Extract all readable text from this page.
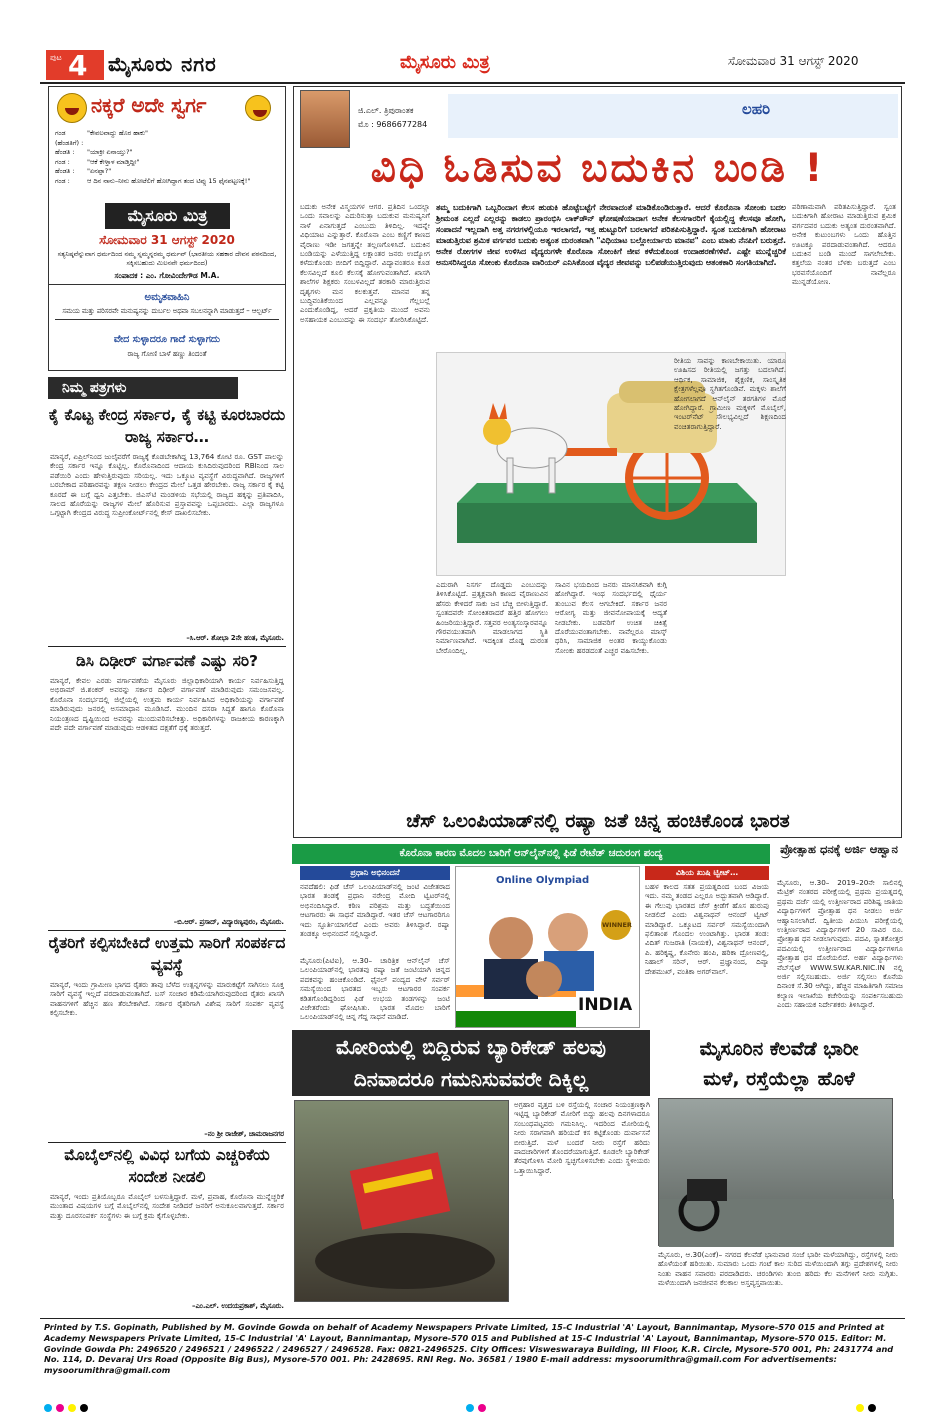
ಪುಟ 4 ಮೈಸೂರು ನಗರ	ಮೈಸೂರು ಮಿತ್ರ	ಸೋಮವಾರ 31 ಆಗಸ್ಟ್ 2020
ನಕ್ಕರೆ ಅದೇ ಸ್ವರ್ಗ
ಗಂಡ (ಹೆಂಡತಿಗೆ) :
"ಕೇವಲವಾದ್ದು ಹೊರ ಹಾಕು"
ಹೆಂಡತಿ :	"ಯಾಕ್ರೀ ಏನಾಯ್ತು?"
ಗಂಡ :	"ಆಕೆ ಕೇಳ್ತಾಳ ಮಾಡ್ತಿದ್ದೀ"
ಹೆಂಡತಿ :	"ಏನಪ್ಪಾ?"
ಗಂಡ :	ಆ ದಿನ ನಾನು–ನೀನು ಹೋಟೆಲಿಗೆ ಹೋಗಿದ್ದಾಗ ತಂದ ಟಿಪ್ಸು 15 ಫೈನಪಟ್ಟಣಕ್ಕೆ!"
ಮೈಸೂರು ಮಿತ್ರ
ಸೋಮವಾರ 31 ಆಗಸ್ಟ್ 2020
ಸತ್ಯನಿಷ್ಠವೆನ್ನುವಾಗ ಧರ್ಮದಿಂದ ನಮ್ಮ ಸ್ನಮ್ಮನ್ನರಮ್ಮ ಧರ್ಮವ್ (ಭಾರತೀಯ ಸಹಕಾರ ದೇವನ ಪಠನದಿಂದ, ಸಕ್ಕಿಸಬಹುದು ಮಿಲನವೇ ಧರ್ಮದಿಂದ)
ಸಂಪಾದಕ : ಎಂ. ಗೋವಿಂದೇಗೌಡ M.A.
ಅಮೃತವಾಹಿನಿ
ಸಮಯ ಮತ್ತು ಪರಿಸರವೇ ಮನುಷ್ಯನನ್ನು ದುರ್ಬಲ ಅಥವಾ ಸಬಲನನ್ನಾಗಿ ಮಾಡುತ್ತದೆ – ಆಲ್ಬರ್ಟ್
ವೇದ ಸುಳ್ಳಾದರೂ ಗಾದೆ ಸುಳ್ಳಾಗದು
ರಾಜ್ಯ ಗೋಣಿ ಬಾಳೆ ಹಣ್ಣು ತಿಂದಂತೆ
ನಿಮ್ಮ ಪತ್ರಗಳು
ಕೈ ಕೊಟ್ಟ ಕೇಂದ್ರ ಸರ್ಕಾರ, ಕೈ ಕಟ್ಟಿ ಕೂರಬಾರದು ರಾಜ್ಯ ಸರ್ಕಾರ…
ಮಾನ್ಯರೆ, ಏಪ್ರಿಲ್‌ನಿಂದ ಜುಲೈವರೆಗೆ ರಾಜ್ಯಕ್ಕೆ ಕೊಡಬೇಕಾಗಿದ್ದ 13,764 ಕೋಟಿ ರೂ. GST ಪಾಲನ್ನು ಕೇಂದ್ರ ಸರ್ಕಾರ ಇನ್ನೂ ಕೊಟ್ಟಿಲ್ಲ. ಕೊರೊನಾದಿಂದ ಆದಾಯ ಕುಸಿದಿರುವುದರಿಂದ RBIನಿಂದ ಸಾಲ ಪಡೆಯಿರಿ ಎಂದು ಹೇಳುತ್ತಿರುವುದು ಸರಿಯಲ್ಲ. ಇದು ಒಕ್ಕೂಟ ವ್ಯವಸ್ಥೆಗೆ ವಿರುದ್ಧವಾಗಿದೆ. ರಾಜ್ಯಗಳಿಗೆ ಬರಬೇಕಾದ ಪರಿಹಾರವನ್ನು ತಕ್ಷಣ ನೀಡಲು ಕೇಂದ್ರದ ಮೇಲೆ ಒತ್ತಡ ಹೇರಬೇಕು. ರಾಜ್ಯ ಸರ್ಕಾರ ಕೈ ಕಟ್ಟಿ ಕೂರದೆ ಈ ಬಗ್ಗೆ ಧ್ವನಿ ಎತ್ತಬೇಕು. ಜಿಎಸ್‌ಟಿ ಮಂಡಳಿಯ ಸಭೆಯಲ್ಲಿ ರಾಜ್ಯದ ಹಕ್ಕನ್ನು ಪ್ರತಿಪಾದಿಸಿ, ಸಾಲದ ಹೊರೆಯನ್ನು ರಾಜ್ಯಗಳ ಮೇಲೆ ಹೊರಿಸುವ ಪ್ರಸ್ತಾವವನ್ನು ಒಪ್ಪಬಾರದು. ಎಲ್ಲಾ ರಾಜ್ಯಗಳೂ ಒಗ್ಗಟ್ಟಾಗಿ ಕೇಂದ್ರದ ವಿರುದ್ಧ ಸುಪ್ರೀಂಕೋರ್ಟ್‌ನಲ್ಲಿ ಕೇಸ್ ದಾಖಲಿಸಬೇಕು.
–ಸಿ.ಆರ್. ಶೋಭಾ 2ನೇ ಹಂತ, ಮೈಸೂರು.
ಡಿಸಿ ದಿಢೀರ್ ವರ್ಗಾವಣೆ ಎಷ್ಟು ಸರಿ?
ಮಾನ್ಯರೆ, ಕೇವಲ ಎರಡು ವರ್ಗಾವಣೆಯ ಮೈಸೂರು ಜಿಲ್ಲಾಧಿಕಾರಿಯಾಗಿ ಕಾರ್ಯ ನಿರ್ವಹಿಸುತ್ತಿದ್ದ ಅಭಿರಾಮ್ ಜಿ.ಶಂಕರ್ ಅವರನ್ನು ಸರ್ಕಾರ ದಿಢೀರ್ ವರ್ಗಾವಣೆ ಮಾಡಿರುವುದು ಸಮಂಜಸವಲ್ಲ. ಕೊರೊನಾ ಸಂದರ್ಭದಲ್ಲಿ ಜಿಲ್ಲೆಯಲ್ಲಿ ಉತ್ತಮ ಕಾರ್ಯ ನಿರ್ವಹಿಸಿದ ಅಧಿಕಾರಿಯನ್ನು ವರ್ಗಾವಣೆ ಮಾಡಿರುವುದು ಜನರಲ್ಲಿ ಅಸಮಾಧಾನ ಮೂಡಿಸಿದೆ. ಮುಂದಿನ ದಸರಾ ಸಿದ್ಧತೆ ಹಾಗೂ ಕೊರೊನಾ ನಿಯಂತ್ರಣದ ದೃಷ್ಟಿಯಿಂದ ಅವರನ್ನು ಮುಂದುವರಿಸಬೇಕಿತ್ತು. ಅಧಿಕಾರಿಗಳನ್ನು ರಾಜಕೀಯ ಕಾರಣಕ್ಕಾಗಿ ಪದೇ ಪದೇ ವರ್ಗಾವಣೆ ಮಾಡುವುದು ಆಡಳಿತದ ದಕ್ಷತೆಗೆ ಧಕ್ಕೆ ತರುತ್ತದೆ.
–ಬಿ.ಆರ್. ಪ್ರಸಾದ್, ವಿದ್ಯಾರಣ್ಯಪುರಂ, ಮೈಸೂರು.
ರೈತರಿಗೆ ಕಲ್ಪಿಸಬೇಕಿದೆ ಉತ್ತಮ ಸಾರಿಗೆ ಸಂಪರ್ಕದ ವ್ಯವಸ್ಥೆ
ಮಾನ್ಯರೆ, ಇಂದು ಗ್ರಾಮೀಣ ಭಾಗದ ರೈತರು ತಾವು ಬೆಳೆದ ಉತ್ಪನ್ನಗಳನ್ನು ಮಾರುಕಟ್ಟೆಗೆ ಸಾಗಿಸಲು ಸೂಕ್ತ ಸಾರಿಗೆ ವ್ಯವಸ್ಥೆ ಇಲ್ಲದೆ ಪರದಾಡುವಂತಾಗಿದೆ. ಬಸ್ ಸಂಚಾರ ಕಡಿಮೆಯಾಗಿರುವುದರಿಂದ ರೈತರು ಖಾಸಗಿ ವಾಹನಗಳಿಗೆ ಹೆಚ್ಚಿನ ಹಣ ತೆರಬೇಕಾಗಿದೆ. ಸರ್ಕಾರ ರೈತರಿಗಾಗಿ ವಿಶೇಷ ಸಾರಿಗೆ ಸಂಪರ್ಕ ವ್ಯವಸ್ಥೆ ಕಲ್ಪಿಸಬೇಕು.
–ನಂ ಶ್ರೀ ರಾಜೇಶ್, ಚಾಮರಾಜನಗರ
ಮೊಬೈಲ್‌ನಲ್ಲಿ ವಿವಿಧ ಬಗೆಯ ಎಚ್ಚರಿಕೆಯ ಸಂದೇಶ ನೀಡಲಿ
ಮಾನ್ಯರೆ, ಇಂದು ಪ್ರತಿಯೊಬ್ಬರೂ ಮೊಬೈಲ್ ಬಳಸುತ್ತಿದ್ದಾರೆ. ಮಳೆ, ಪ್ರವಾಹ, ಕೊರೊನಾ ಮುನ್ನೆಚ್ಚರಿಕೆ ಮುಂತಾದ ವಿಷಯಗಳ ಬಗ್ಗೆ ಮೊಬೈಲ್‌ನಲ್ಲಿ ಸಂದೇಶ ನೀಡಿದರೆ ಜನರಿಗೆ ಅನುಕೂಲವಾಗುತ್ತದೆ. ಸರ್ಕಾರ ಮತ್ತು ದೂರಸಂಪರ್ಕ ಸಂಸ್ಥೆಗಳು ಈ ಬಗ್ಗೆ ಕ್ರಮ ಕೈಗೊಳ್ಳಬೇಕು.
–ಎಂ.ಎಲ್. ಉದಯಪ್ರಕಾಶ್, ಮೈಸೂರು.
ಜಿ.ಎಲ್. ತ್ರಿಪುರಾಂತಕ
ಮೊ : 9686677284
ಲಹರಿ
ವಿಧಿ ಓಡಿಸುವ ಬದುಕಿನ ಬಂಡಿ !
ಬದುಕು ಅನೇಕ ವಿಸ್ಮಯಗಳ ಆಗರ. ಪ್ರತಿದಿನ ಒಂದಲ್ಲಾ ಒಂದು ಸವಾಲನ್ನು ಎದುರಿಸುತ್ತಾ ಬದುಕುವ ಮನುಷ್ಯನಿಗೆ ನಾಳೆ ಏನಾಗುತ್ತದೆ ಎಂಬುದು ತಿಳಿದಿಲ್ಲ. ಇದನ್ನೇ ವಿಧಿಯಾಟ ಎನ್ನುತ್ತಾರೆ. ಕೊರೊನಾ ಎಂಬ ಕಣ್ಣಿಗೆ ಕಾಣದ ವೈರಾಣು ಇಡೀ ಜಗತ್ತನ್ನೇ ತಲ್ಲಣಗೊಳಿಸಿದೆ. ಬದುಕಿನ ಬಂಡಿಯನ್ನು ಎಳೆಯುತ್ತಿದ್ದ ಲಕ್ಷಾಂತರ ಜನರು ಉದ್ಯೋಗ ಕಳೆದುಕೊಂಡು ಬೀದಿಗೆ ಬಿದ್ದಿದ್ದಾರೆ. ವಿದ್ಯಾವಂತರೂ ಕೂಡ ಕೆಲಸವಿಲ್ಲದೆ ಕೂಲಿ ಕೆಲಸಕ್ಕೆ ಹೋಗುವಂತಾಗಿದೆ. ಖಾಸಗಿ ಶಾಲೆಗಳ ಶಿಕ್ಷಕರು ಸಂಬಳವಿಲ್ಲದೆ ತರಕಾರಿ ಮಾರುತ್ತಿರುವ ದೃಶ್ಯಗಳು ಮನ ಕಲಕುತ್ತವೆ. ಮಾನವ ತನ್ನ ಬುದ್ಧಿವಂತಿಕೆಯಿಂದ ಎಲ್ಲವನ್ನೂ ಗೆಲ್ಲಬಲ್ಲೆ ಎಂದುಕೊಂಡಿದ್ದ, ಆದರೆ ಪ್ರಕೃತಿಯ ಮುಂದೆ ಅವನು ಅಸಹಾಯಕ ಎಂಬುದನ್ನು ಈ ಸಂದರ್ಭ ತೋರಿಸಿಕೊಟ್ಟಿದೆ.
ತಮ್ಮ ಬದುಕಿಗಾಗಿ ಒಬ್ಬರಿಂದಾಗ ಕೆಲಸ ಹುಡುಕಿ ಹೊಟ್ಟೆಬಟ್ಟೆಗೆ ನೇರವಾದಂತೆ ಮಾಡಿಕೊಂಡಿರುತ್ತಾರೆ. ಆದರೆ ಕೊರೊನಾ ಸೋಂಕು ಬದಲ ಶ್ರೀಮಂತ ಎಲ್ಲದೆ ಎಲ್ಲರನ್ನು ಕಾಡಲು ಪ್ರಾರಂಭಿಸಿ ಲಾಕ್‌ಡೌನ್ ಘೋಷಣೆಯಾದಾಗ ಅನೇಕ ಕೆಲಸಗಾರರಿಗೆ ಕೈಯಲ್ಲಿದ್ದ ಕೆಲಸವೂ ಹೋಗಿ, ಸಂಪಾದನೆ ಇಲ್ಲದಾಗಿ ಅತ್ತ ನಗರಗಳಲ್ಲಿಯೂ ಇರಲಾಗದೆ, ಇತ್ತ ಹುಟ್ಟೂರಿಗೆ ಬರಲಾಗದೆ ಪರಿತಪಿಸುತ್ತಿದ್ದಾರೆ. ಸ್ವಂತ ಬದುಕಿಗಾಗಿ ಹೋರಾಟ ಮಾಡುತ್ತಿರುವ ಶ್ರಮಿಕ ವರ್ಗವರ ಬದುಕು ಅತ್ಯಂತ ದುರಂತವಾಗಿ "ವಿಧಿಯಾಟ ಬಲ್ಲೋರ್ಯಾರು ಮಾನವ" ಎಂಬ ಮಾತು ನೆನಪಿಗೆ ಬರುತ್ತದೆ. ಅನೇಕ ರೋಗಗಳ ಜೀವ ಉಳಿಸಿದ ವೈದ್ಯರುಗಳೇ ಕೊರೊನಾ ಸೋಂಕಿಗೆ ಜೀವ ಕಳೆದುಕೊಂಡ ಉದಾಹರಣೆಗಳಿವೆ. ಎಷ್ಟೇ ಮುನ್ನೆಚ್ಚರಿಕೆ ಅನುಸರಿಸಿದ್ದರೂ ಸೋಂಕು ಕೊರೊನಾ ವಾರಿಯರ್ ಎನಿಸಿಕೊಂಡ ವೈದ್ಯರ ಜೀವವನ್ನು ಬಲಿಪಡೆಯುತ್ತಿರುವುದು ಆತಂಕಕಾರಿ ಸಂಗತಿಯಾಗಿದೆ.
ಎದುರಾಗಿ ನಿಸರ್ಗ ದೊಡ್ಡದು ಎಂಬುದನ್ನು ತಿಳಿಸಿಕೊಟ್ಟಿದೆ. ಪ್ರತ್ಯಕ್ಷವಾಗಿ ಕಾಣದ ವೈರಾಣುವಿನ ಹೆಸರು ಕೇಳಿದರೆ ಸಾಕು ಜನ ಬೆಚ್ಚಿ ಬೀಳುತ್ತಿದ್ದಾರೆ. ಸ್ವಂತದವರೇ ಸೋಂಕಿತರಾದರೆ ಹತ್ತಿರ ಹೋಗಲು ಹಿಂಜರಿಯುತ್ತಿದ್ದಾರೆ. ಸತ್ತವರ ಅಂತ್ಯಸಂಸ್ಕಾರವನ್ನೂ ಗೌರವಯುತವಾಗಿ ಮಾಡಲಾಗದ ಸ್ಥಿತಿ ನಿರ್ಮಾಣವಾಗಿದೆ. ಇದಕ್ಕಿಂತ ದೊಡ್ಡ ದುರಂತ ಬೇರೊಂದಿಲ್ಲ.
ಸಾವಿನ ಭಯದಿಂದ ಜನರು ಮಾನಸಿಕವಾಗಿ ಕುಗ್ಗಿ ಹೋಗಿದ್ದಾರೆ. ಇಂಥ ಸಂದರ್ಭದಲ್ಲಿ ಧೈರ್ಯ ತುಂಬುವ ಕೆಲಸ ಆಗಬೇಕಿದೆ. ಸರ್ಕಾರ ಜನರ ಆರೋಗ್ಯ ಮತ್ತು ಜೀವನೋಪಾಯಕ್ಕೆ ಆದ್ಯತೆ ನೀಡಬೇಕು. ಬಡವರಿಗೆ ಉಚಿತ ಚಿಕಿತ್ಸೆ ದೊರೆಯುವಂತಾಗಬೇಕು. ನಾವೆಲ್ಲರೂ ಮಾಸ್ಕ್ ಧರಿಸಿ, ಸಾಮಾಜಿಕ ಅಂತರ ಕಾಯ್ದುಕೊಂಡು ಸೋಂಕು ಹರಡದಂತೆ ಎಚ್ಚರ ವಹಿಸಬೇಕು.
ರೀತಿಯ ಸಾವನ್ನು ಕಾಣಬೇಕಾಯಿತು. ಯಾರೂ ಊಹಿಸದ ರೀತಿಯಲ್ಲಿ ಜಗತ್ತು ಬದಲಾಗಿದೆ. ಆರ್ಥಿಕ, ಸಾಮಾಜಿಕ, ಶೈಕ್ಷಣಿಕ, ಸಾಂಸ್ಕೃತಿಕ ಕ್ಷೇತ್ರಗಳೆಲ್ಲವೂ ಸ್ಥಗಿತಗೊಂಡಿವೆ. ಮಕ್ಕಳು ಶಾಲೆಗೆ ಹೋಗಲಾಗದೆ ಆನ್‌ಲೈನ್ ತರಗತಿಗಳ ಮೊರೆ ಹೋಗಿದ್ದಾರೆ. ಗ್ರಾಮೀಣ ಮಕ್ಕಳಿಗೆ ಮೊಬೈಲ್, ಇಂಟರ್‌ನೆಟ್ ಸೌಲಭ್ಯವಿಲ್ಲದೆ ಶಿಕ್ಷಣದಿಂದ ವಂಚಿತರಾಗುತ್ತಿದ್ದಾರೆ.
ಪರಿಣಾಮವಾಗಿ ಪರಿತಪಿಸುತ್ತಿದ್ದಾರೆ. ಸ್ವಂತ ಬದುಕಿಗಾಗಿ ಹೋರಾಟ ಮಾಡುತ್ತಿರುವ ಶ್ರಮಿಕ ವರ್ಗದವರ ಬದುಕು ಅತ್ಯಂತ ದುರಂತವಾಗಿದೆ. ಅನೇಕ ಕುಟುಂಬಗಳು ಒಂದು ಹೊತ್ತಿನ ಊಟಕ್ಕೂ ಪರದಾಡುವಂತಾಗಿದೆ. ಆದರೂ ಬದುಕಿನ ಬಂಡಿ ಮುಂದೆ ಸಾಗಲೇಬೇಕು. ಕತ್ತಲೆಯ ನಂತರ ಬೆಳಕು ಬರುತ್ತದೆ ಎಂಬ ಭರವಸೆಯೊಂದಿಗೆ ನಾವೆಲ್ಲರೂ ಮುನ್ನಡೆಯೋಣ.
ಚೆಸ್ ಒಲಂಪಿಯಾಡ್‌ನಲ್ಲಿ ರಷ್ಯಾ ಜತೆ ಚಿನ್ನ ಹಂಚಿಕೊಂಡ ಭಾರತ
ಕೊರೊನಾ ಕಾರಣ ಮೊದಲ ಬಾರಿಗೆ ಆನ್‌ಲೈನ್‌ನಲ್ಲಿ ಫಿಡೆ ರೇಟೆಡ್ ಚದುರಂಗ ಪಂದ್ಯ
ಪ್ರಧಾನಿ ಅಭಿನಂದನೆ
ನವದೆಹಲಿ: ಫಿಡೆ ಚೆಸ್ ಒಲಂಪಿಯಾಡ್‌ನಲ್ಲಿ ಜಂಟಿ ವಿಜೇತರಾದ ಭಾರತ ತಂಡಕ್ಕೆ ಪ್ರಧಾನಿ ನರೇಂದ್ರ ಮೋದಿ ಟ್ವಿಟರ್‌ನಲ್ಲಿ ಅಭಿನಂದಿಸಿದ್ದಾರೆ. ಕಠಿಣ ಪರಿಶ್ರಮ ಮತ್ತು ಬದ್ಧತೆಯಿಂದ ಆಟಗಾರರು ಈ ಸಾಧನೆ ಮಾಡಿದ್ದಾರೆ. ಇತರ ಚೆಸ್ ಆಟಗಾರರಿಗೂ ಇದು ಸ್ಫೂರ್ತಿಯಾಗಲಿದೆ ಎಂದು ಅವರು ತಿಳಿಸಿದ್ದಾರೆ. ರಷ್ಯಾ ತಂಡಕ್ಕೂ ಅಭಿನಂದನೆ ಸಲ್ಲಿಸಿದ್ದಾರೆ.
ಮೈಸೂರು(ಪಿಟಿಐ), ಆ.30– ಚಾರಿತ್ರಿಕ ಆನ್‌ಲೈನ್ ಚೆಸ್ ಒಲಂಪಿಯಾಡ್‌ನಲ್ಲಿ ಭಾರತವು ರಷ್ಯಾ ಜತೆ ಜಂಟಿಯಾಗಿ ಚಿನ್ನದ ಪದಕವನ್ನು ಹಂಚಿಕೊಂಡಿದೆ. ಫೈನಲ್ ಪಂದ್ಯದ ವೇಳೆ ಸರ್ವರ್ ಸಮಸ್ಯೆಯಿಂದ ಭಾರತದ ಇಬ್ಬರು ಆಟಗಾರರ ಸಂಪರ್ಕ ಕಡಿತಗೊಂಡಿದ್ದರಿಂದ ಫಿಡೆ ಉಭಯ ತಂಡಗಳನ್ನು ಜಂಟಿ ವಿಜೇತರೆಂದು ಘೋಷಿಸಿತು. ಭಾರತ ಮೊದಲ ಬಾರಿಗೆ ಒಲಂಪಿಯಾಡ್‌ನಲ್ಲಿ ಚಿನ್ನ ಗೆದ್ದ ಸಾಧನೆ ಮಾಡಿದೆ.
Online Olympiad
WINNER
INDIA
ವಿಶಿಯ ಖುಷಿ ಟ್ವೀಟ್…
ಬಹಳ ಕಾಲದ ಸತತ ಪ್ರಯತ್ನದಿಂದ ಬಂದ ವಿಜಯ ಇದು. ನಮ್ಮ ತಂಡದ ಎಲ್ಲರೂ ಅದ್ಭುತವಾಗಿ ಆಡಿದ್ದಾರೆ. ಈ ಗೆಲುವು ಭಾರತದ ಚೆಸ್ ಕ್ರೀಡೆಗೆ ಹೊಸ ಹುರುಪು ನೀಡಲಿದೆ ಎಂದು ವಿಶ್ವನಾಥನ್ ಆನಂದ್ ಟ್ವೀಟ್ ಮಾಡಿದ್ದಾರೆ. ಒಕ್ಕೂಟದ ಸರ್ವರ್ ಸಮಸ್ಯೆಯಿಂದಾಗಿ ಫಲಿತಾಂಶ ಗೊಂದಲ ಉಂಟಾಗಿತ್ತು. ಭಾರತ ತಂಡ: ವಿದಿತ್ ಗುಜರಾತಿ (ನಾಯಕ), ವಿಶ್ವನಾಥನ್ ಆನಂದ್, ಪಿ. ಹರಿಕೃಷ್ಣ, ಕೊನೇರು ಹಂಪಿ, ಹರಿಕಾ ದ್ರೋಣವಲ್ಲಿ, ನಿಹಾಲ್ ಸರಿನ್, ಆರ್. ಪ್ರಜ್ಞಾನಂದ, ದಿವ್ಯಾ ದೇಶಮುಖ್, ವಂತಿಕಾ ಅಗರ್‌ವಾಲ್.
ಪ್ರೋತ್ಸಾಹ ಧನಕ್ಕೆ ಅರ್ಜಿ ಆಹ್ವಾನ
ಮೈಸೂರು, ಆ.30– 2019–20ನೇ ಸಾಲಿನಲ್ಲಿ ಮೆಟ್ರಿಕ್ ನಂತರದ ಪರೀಕ್ಷೆಯಲ್ಲಿ ಪ್ರಥಮ ಪ್ರಯತ್ನದಲ್ಲಿ ಪ್ರಥಮ ದರ್ಜೆ ಯಲ್ಲಿ ಉತ್ತೀರ್ಣರಾದ ಪರಿಶಿಷ್ಟ ಜಾತಿಯ ವಿದ್ಯಾರ್ಥಿಗಳಿಗೆ ಪ್ರೋತ್ಸಾಹ ಧನ ನೀಡಲು ಅರ್ಜಿ ಆಹ್ವಾನಿಸಲಾಗಿದೆ. ದ್ವಿತೀಯ ಪಿಯುಸಿ ಪರೀಕ್ಷೆಯಲ್ಲಿ ಉತ್ತೀರ್ಣರಾದ ವಿದ್ಯಾರ್ಥಿಗಳಿಗೆ 20 ಸಾವಿರ ರೂ. ಪ್ರೋತ್ಸಾಹ ಧನ ನೀಡಲಾಗುವುದು. ಪದವಿ, ಸ್ನಾತಕೋತ್ತರ ಪದವಿಯಲ್ಲಿ ಉತ್ತೀರ್ಣರಾದ ವಿದ್ಯಾರ್ಥಿಗಳಿಗೂ ಪ್ರೋತ್ಸಾಹ ಧನ ದೊರೆಯಲಿದೆ. ಅರ್ಹ ವಿದ್ಯಾರ್ಥಿಗಳು ವೆಬ್‌ಸೈಟ್ WWW.SW.KAR.NIC.IN ನಲ್ಲಿ ಅರ್ಜಿ ಸಲ್ಲಿಸಬಹುದು. ಅರ್ಜಿ ಸಲ್ಲಿಸಲು ಕೊನೆಯ ದಿನಾಂಕ ಸೆ.30 ಆಗಿದ್ದು, ಹೆಚ್ಚಿನ ಮಾಹಿತಿಗಾಗಿ ಸಮಾಜ ಕಲ್ಯಾಣ ಇಲಾಖೆಯ ಕಚೇರಿಯನ್ನು ಸಂಪರ್ಕಿಸಬಹುದು ಎಂದು ಸಹಾಯಕ ನಿರ್ದೇಶಕರು ತಿಳಿಸಿದ್ದಾರೆ.
ಮೋರಿಯಲ್ಲಿ ಬಿದ್ದಿರುವ ಬ್ಯಾರಿಕೇಡ್ ಹಲವು
ದಿನವಾದರೂ ಗಮನಿಸುವವರೇ ದಿಕ್ಕಿಲ್ಲ
ಅಗ್ರಹಾರ ವೃತ್ತದ ಬಳಿ ರಸ್ತೆಯಲ್ಲಿ ಸಂಚಾರ ನಿಯಂತ್ರಣಕ್ಕಾಗಿ ಇಟ್ಟಿದ್ದ ಬ್ಯಾರಿಕೇಡ್ ಮೋರಿಗೆ ಬಿದ್ದು ಹಲವು ದಿನಗಳಾದರೂ ಸಂಬಂಧಪಟ್ಟವರು ಗಮನಿಸಿಲ್ಲ. ಇದರಿಂದ ಮೋರಿಯಲ್ಲಿ ನೀರು ಸರಾಗವಾಗಿ ಹರಿಯದೆ ಕಸ ಕಟ್ಟಿಕೊಂಡು ದುರ್ವಾಸನೆ ಬೀರುತ್ತಿದೆ. ಮಳೆ ಬಂದರೆ ನೀರು ರಸ್ತೆಗೆ ಹರಿದು ಪಾದಚಾರಿಗಳಿಗೆ ತೊಂದರೆಯಾಗುತ್ತಿದೆ. ಕೂಡಲೇ ಬ್ಯಾರಿಕೇಡ್ ತೆರವುಗೊಳಿಸಿ ಮೋರಿ ಸ್ವಚ್ಛಗೊಳಿಸಬೇಕು ಎಂದು ಸ್ಥಳೀಯರು ಒತ್ತಾಯಿಸಿದ್ದಾರೆ.
ಮೈಸೂರಿನ ಕೆಲವೆಡೆ ಭಾರೀ
ಮಳೆ, ರಸ್ತೆಯೆಲ್ಲಾ ಹೊಳೆ
ಮೈಸೂರು, ಆ.30(ಎಂಕೆ)– ನಗರದ ಕೆಲವೆಡೆ ಭಾನುವಾರ ಸಂಜೆ ಭಾರೀ ಮಳೆಯಾಗಿದ್ದು, ರಸ್ತೆಗಳಲ್ಲಿ ನೀರು ಹೊಳೆಯಂತೆ ಹರಿಯಿತು. ಸುಮಾರು ಒಂದು ಗಂಟೆ ಕಾಲ ಸುರಿದ ಮಳೆಯಿಂದಾಗಿ ತಗ್ಗು ಪ್ರದೇಶಗಳಲ್ಲಿ ನೀರು ನಿಂತು ವಾಹನ ಸವಾರರು ಪರದಾಡಿದರು. ಚರಂಡಿಗಳು ತುಂಬಿ ಹರಿದು ಕೆಲ ಮನೆಗಳಿಗೆ ನೀರು ನುಗ್ಗಿತು. ಮಳೆಯಿಂದಾಗಿ ಜನಜೀವನ ಕೆಲಕಾಲ ಅಸ್ತವ್ಯಸ್ತವಾಯಿತು.
Printed by T.S. Gopinath, Published by M. Govinde Gowda on behalf of Academy Newspapers Private Limited, 15-C Industrial 'A' Layout, Bannimantap, Mysore-570 015 and Printed at Academy Newspapers Private Limited, 15-C Industrial 'A' Layout, Bannimantap, Mysore-570 015 and Published at 15-C Industrial 'A' Layout, Bannimantap, Mysore-570 015. Editor: M. Govinde Gowda Ph: 2496520 / 2496521 / 2496522 / 2496527 / 2496528. Fax: 0821-2496525. City Offices: Visweswaraya Building, III Floor, K.R. Circle, Mysore-570 001, Ph: 2431774 and No. 114, D. Devaraj Urs Road (Opposite Big Bus), Mysore-570 001. Ph: 2428695. RNI Reg. No. 36581 / 1980 E-mail address: mysoorumithra@gmail.com For advertisements: mysoorumithra@gmail.com
